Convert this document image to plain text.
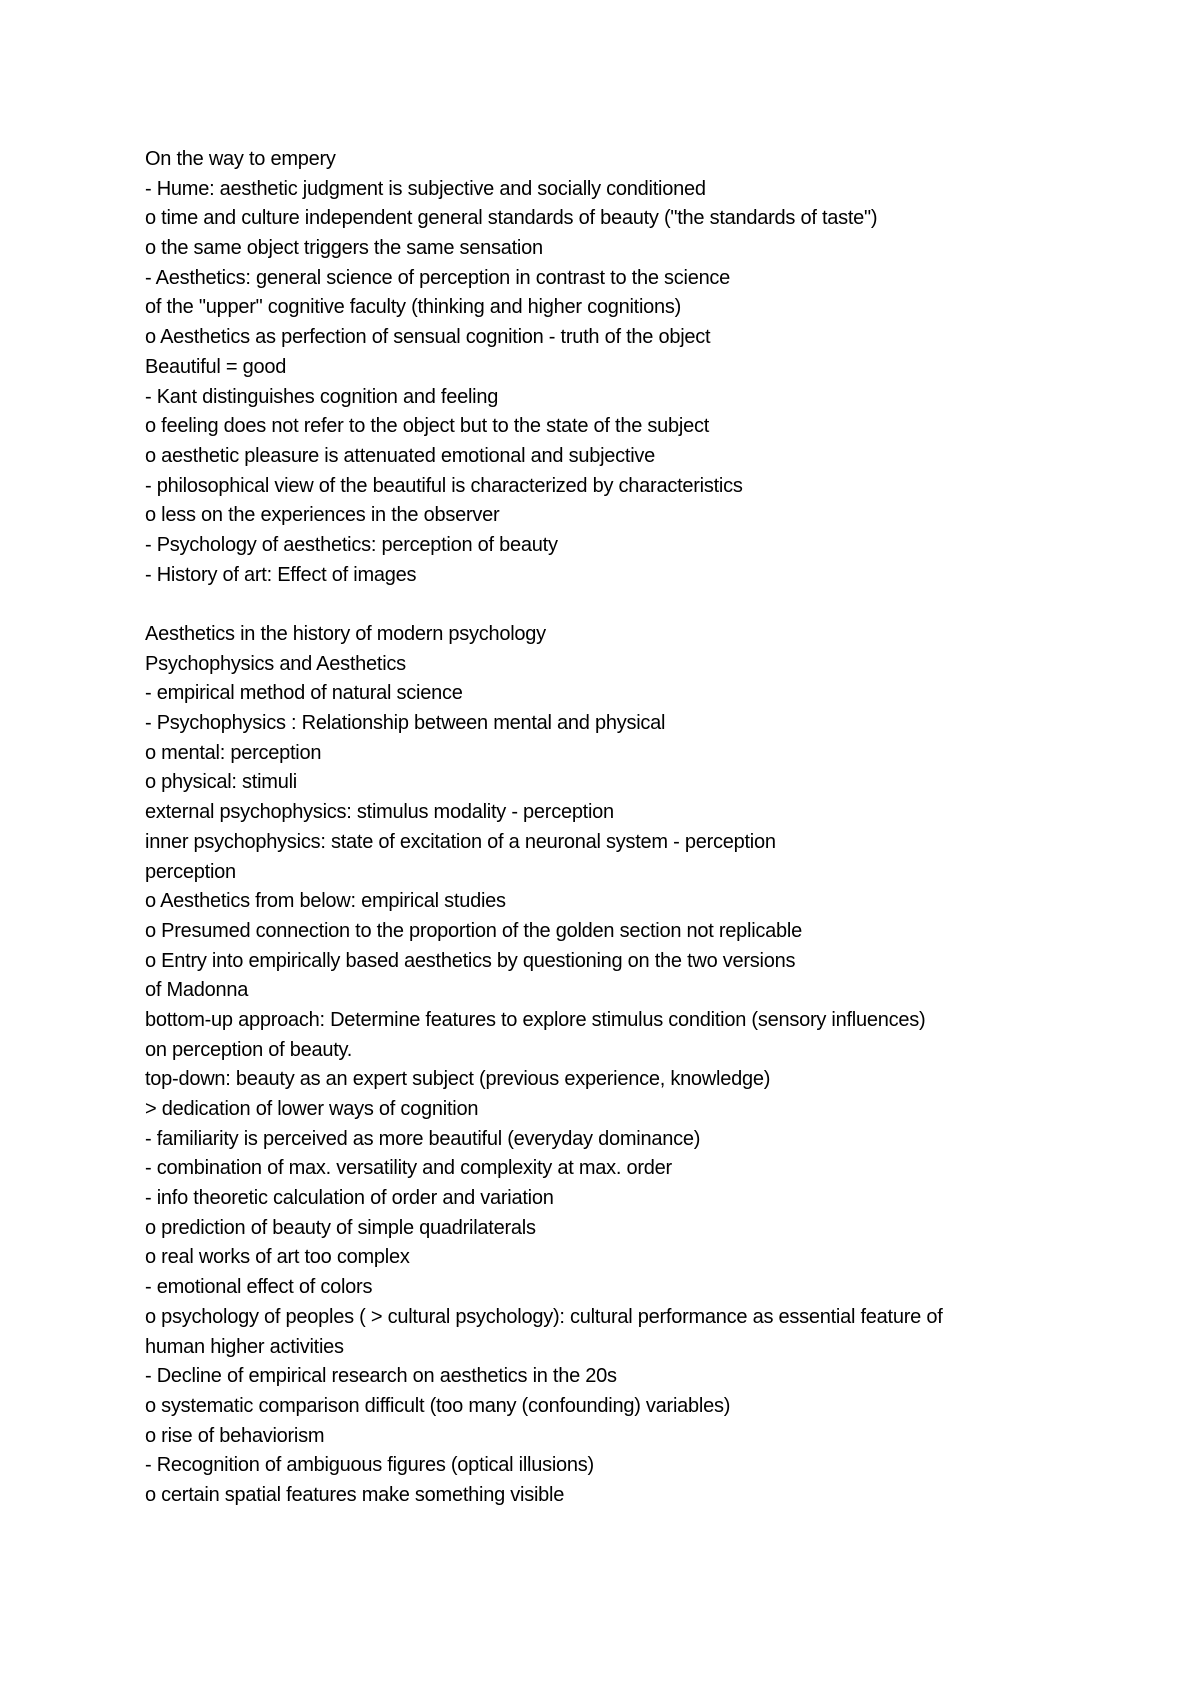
On the way to empery
- Hume: aesthetic judgment is subjective and socially conditioned
o time and culture independent general standards of beauty ("the standards of taste")
o the same object triggers the same sensation
- Aesthetics: general science of perception in contrast to the science
of the "upper" cognitive faculty (thinking and higher cognitions)
o Aesthetics as perfection of sensual cognition - truth of the object
Beautiful = good
- Kant distinguishes cognition and feeling
o feeling does not refer to the object but to the state of the subject
o aesthetic pleasure is attenuated emotional and subjective
- philosophical view of the beautiful is characterized by characteristics
o less on the experiences in the observer
- Psychology of aesthetics: perception of beauty
- History of art: Effect of images
Aesthetics in the history of modern psychology
Psychophysics and Aesthetics
- empirical method of natural science
- Psychophysics : Relationship between mental and physical
o mental: perception
o physical: stimuli
external psychophysics: stimulus modality - perception
inner psychophysics: state of excitation of a neuronal system - perception
perception
o Aesthetics from below: empirical studies
o Presumed connection to the proportion of the golden section not replicable
o Entry into empirically based aesthetics by questioning on the two versions
of Madonna
bottom-up approach: Determine features to explore stimulus condition (sensory influences)
on perception of beauty.
top-down: beauty as an expert subject (previous experience, knowledge)
> dedication of lower ways of cognition
- familiarity is perceived as more beautiful (everyday dominance)
- combination of max. versatility and complexity at max. order
- info theoretic calculation of order and variation
o prediction of beauty of simple quadrilaterals
o real works of art too complex
- emotional effect of colors
o psychology of peoples ( > cultural psychology): cultural performance as essential feature of
human higher activities
- Decline of empirical research on aesthetics in the 20s
o systematic comparison difficult (too many (confounding) variables)
o rise of behaviorism
- Recognition of ambiguous figures (optical illusions)
o certain spatial features make something visible
